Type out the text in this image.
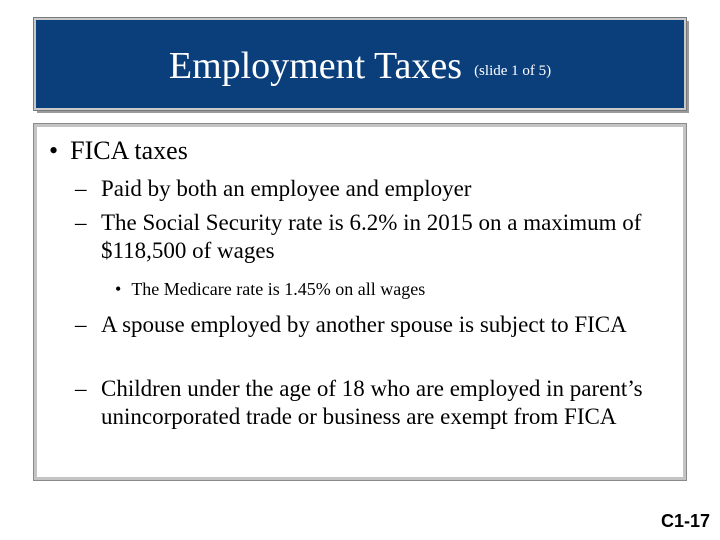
Employment Taxes (slide 1 of 5)
• FICA taxes
– Paid by both an employee and employer
– The Social Security rate is 6.2% in 2015 on a maximum of $118,500 of wages
• The Medicare rate is 1.45% on all wages
– A spouse employed by another spouse is subject to FICA
– Children under the age of 18 who are employed in parent’s unincorporated trade or business are exempt from FICA
C1-17
